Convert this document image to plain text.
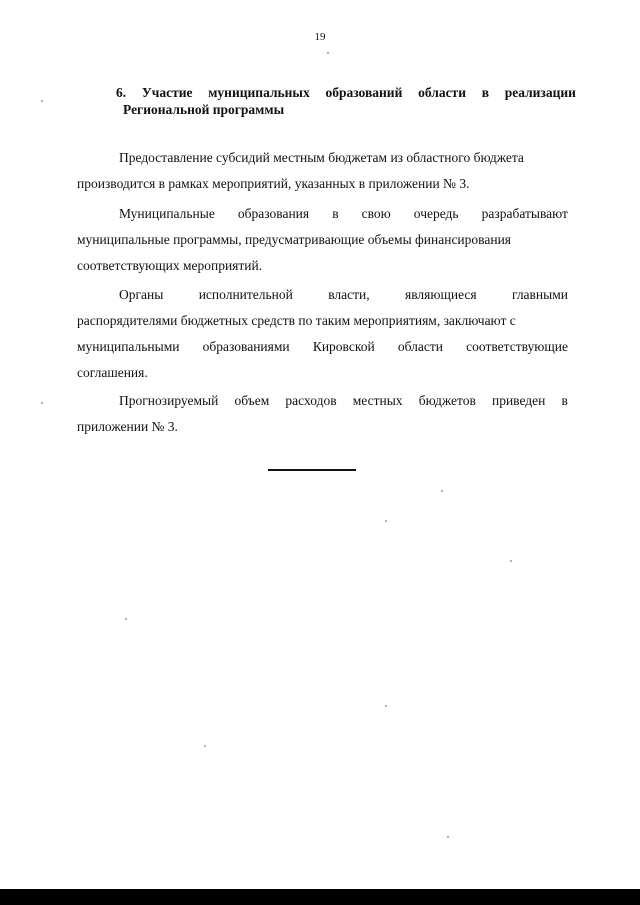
19
6. Участие муниципальных образований области в реализации
Региональной программы
Предоставление субсидий местным бюджетам из областного бюджета
производится в рамках мероприятий, указанных в приложении № 3.
Муниципальные образования в свою очередь разрабатывают
муниципальные программы, предусматривающие объемы финансирования
соответствующих мероприятий.
Органы	исполнительной	власти,	являющиеся	главными
распорядителями бюджетных средств по таким мероприятиям, заключают с
муниципальными образованиями Кировской области соответствующие
соглашения.
Прогнозируемый объем расходов местных бюджетов приведен в
приложении № 3.
